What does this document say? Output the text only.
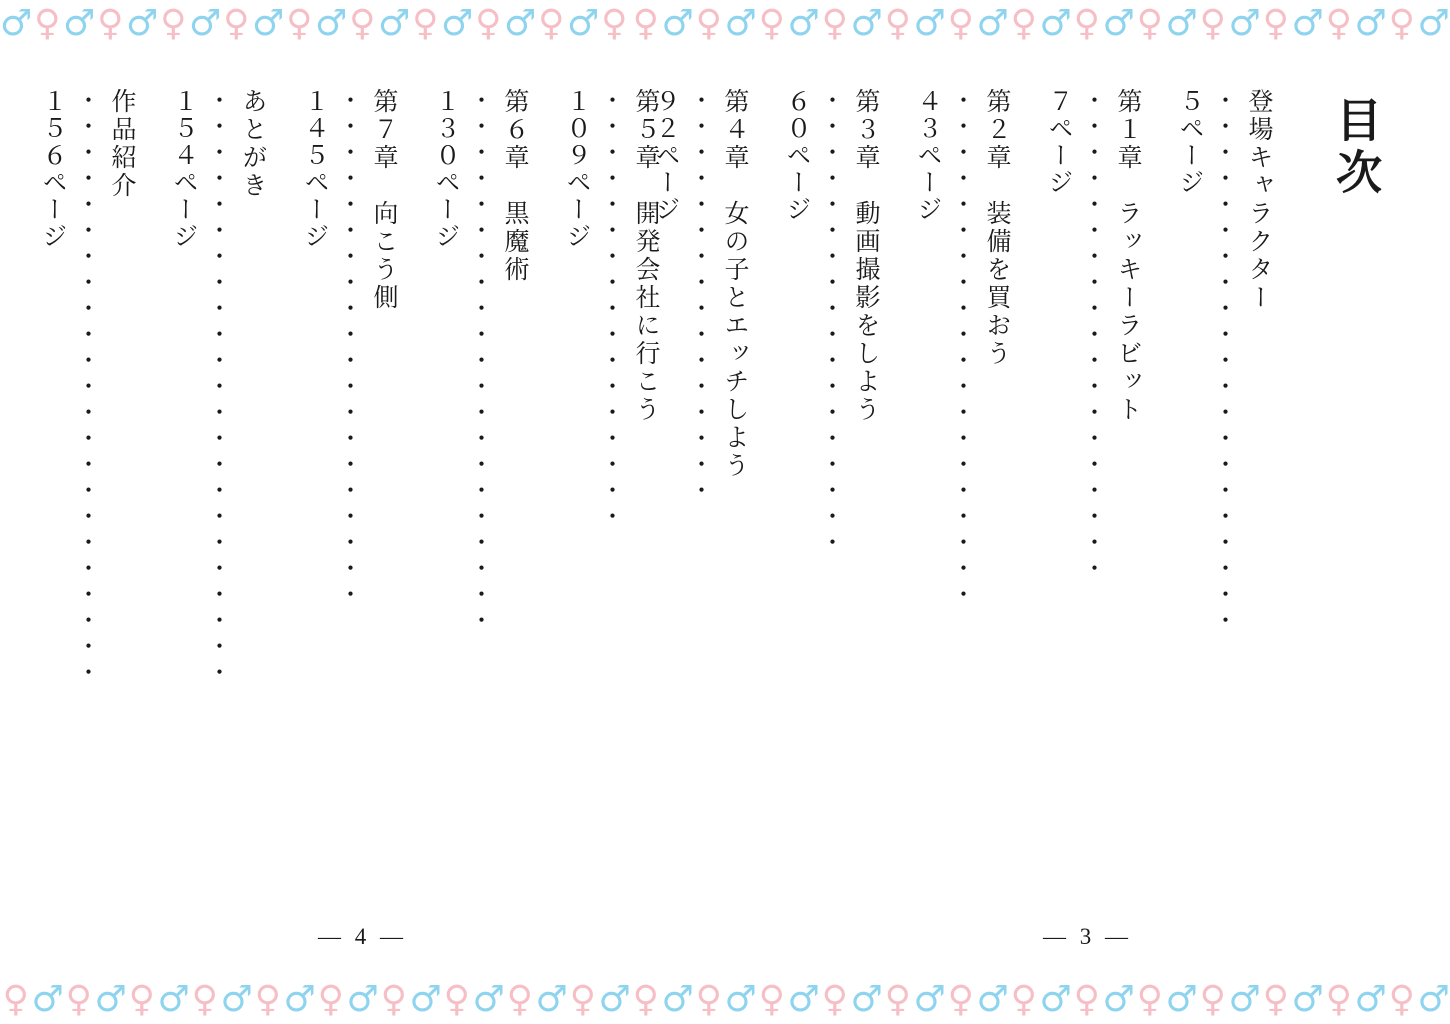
♂ ♀ ♂ ♀ ♂ ♀ ♂ ♀ ♂ ♀ ♂ ♀ ♂ ♀ ♂ ♀ ♂ ♀ ♂ ♀ ♀ ♂ ♀ ♂ ♀ ♂ ♀ ♂ ♀ ♂ ♀ ♂ ♀ ♂ ♀ ♂ ♀ ♂ ♀ ♂ ♀ ♂ ♀ ♂ ♀ ♂
第５章　開発会社に行こう
・・・・・・・・・・・・・・・・・
１０９ページ
第６章　黒魔術
・・・・・・・・・・・・・・・・・・・・・
１３０ページ
第７章　向こう側
・・・・・・・・・・・・・・・・・・・・
１４５ページ
あとがき
・・・・・・・・・・・・・・・・・・・・・・・
１５４ページ
作品紹介
・・・・・・・・・・・・・・・・・・・・・・・
１５６ページ
— 4 —
目次
登場キャラクター
・・・・・・・・・・・・・・・・・・・・・
５ページ
第１章　ラッキーラビット
・・・・・・・・・・・・・・・・・・・
７ページ
第２章　装備を買おう
・・・・・・・・・・・・・・・・・・・・
４３ページ
第３章　動画撮影をしよう
・・・・・・・・・・・・・・・・・・
６０ページ
第４章　女の子とエッチしよう
・・・・・・・・・・・・・・・・
９２ページ
— 3 —
♀ ♂ ♀ ♂ ♀ ♂ ♀ ♂ ♀ ♂ ♀ ♂ ♀ ♂ ♀ ♂ ♀ ♂ ♀ ♂ ♀ ♂ ♀ ♂ ♀ ♂ ♀ ♂ ♀ ♂ ♀ ♂ ♀ ♂ ♀ ♂ ♀ ♂ ♀ ♂ ♀ ♂ ♀ ♂ ♀ ♂
